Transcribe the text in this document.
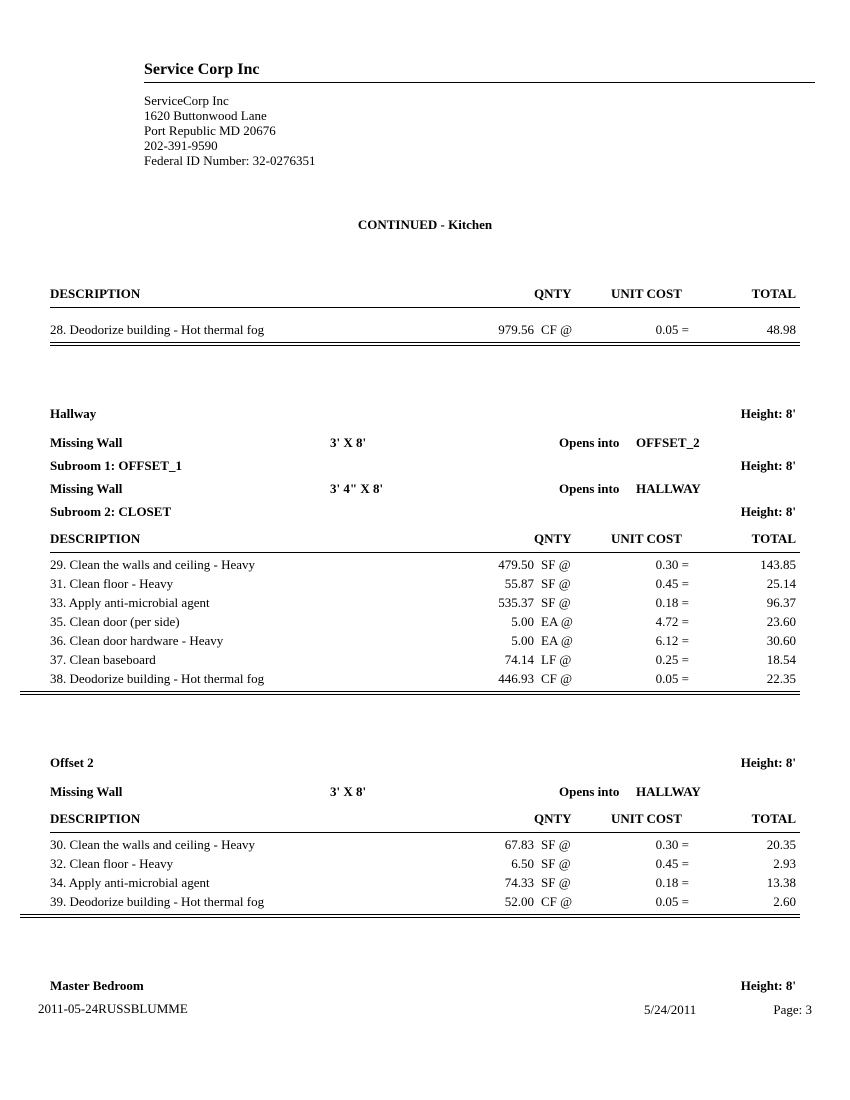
Service Corp Inc
ServiceCorp Inc
1620 Buttonwood Lane
Port Republic MD 20676
202-391-9590
Federal ID Number: 32-0276351
CONTINUED - Kitchen
DESCRIPTION	QNTY	UNIT COST	TOTAL
28. Deodorize building - Hot thermal fog	979.56 CF @	0.05 =	48.98
Hallway	Height: 8'
Missing Wall	3' X 8'	Opens into OFFSET_2
Subroom 1: OFFSET_1	Height: 8'
Missing Wall	3' 4" X 8'	Opens into HALLWAY
Subroom 2: CLOSET	Height: 8'
DESCRIPTION	QNTY	UNIT COST	TOTAL
29. Clean the walls and ceiling - Heavy	479.50 SF @	0.30 =	143.85
31. Clean floor - Heavy	55.87 SF @	0.45 =	25.14
33. Apply anti-microbial agent	535.37 SF @	0.18 =	96.37
35. Clean door (per side)	5.00 EA @	4.72 =	23.60
36. Clean door hardware - Heavy	5.00 EA @	6.12 =	30.60
37. Clean baseboard	74.14 LF @	0.25 =	18.54
38. Deodorize building - Hot thermal fog	446.93 CF @	0.05 =	22.35
Offset 2	Height: 8'
Missing Wall	3' X 8'	Opens into HALLWAY
DESCRIPTION	QNTY	UNIT COST	TOTAL
30. Clean the walls and ceiling - Heavy	67.83 SF @	0.30 =	20.35
32. Clean floor - Heavy	6.50 SF @	0.45 =	2.93
34. Apply anti-microbial agent	74.33 SF @	0.18 =	13.38
39. Deodorize building - Hot thermal fog	52.00 CF @	0.05 =	2.60
Master Bedroom	Height: 8'
2011-05-24RUSSBLUMME	5/24/2011	Page: 3
